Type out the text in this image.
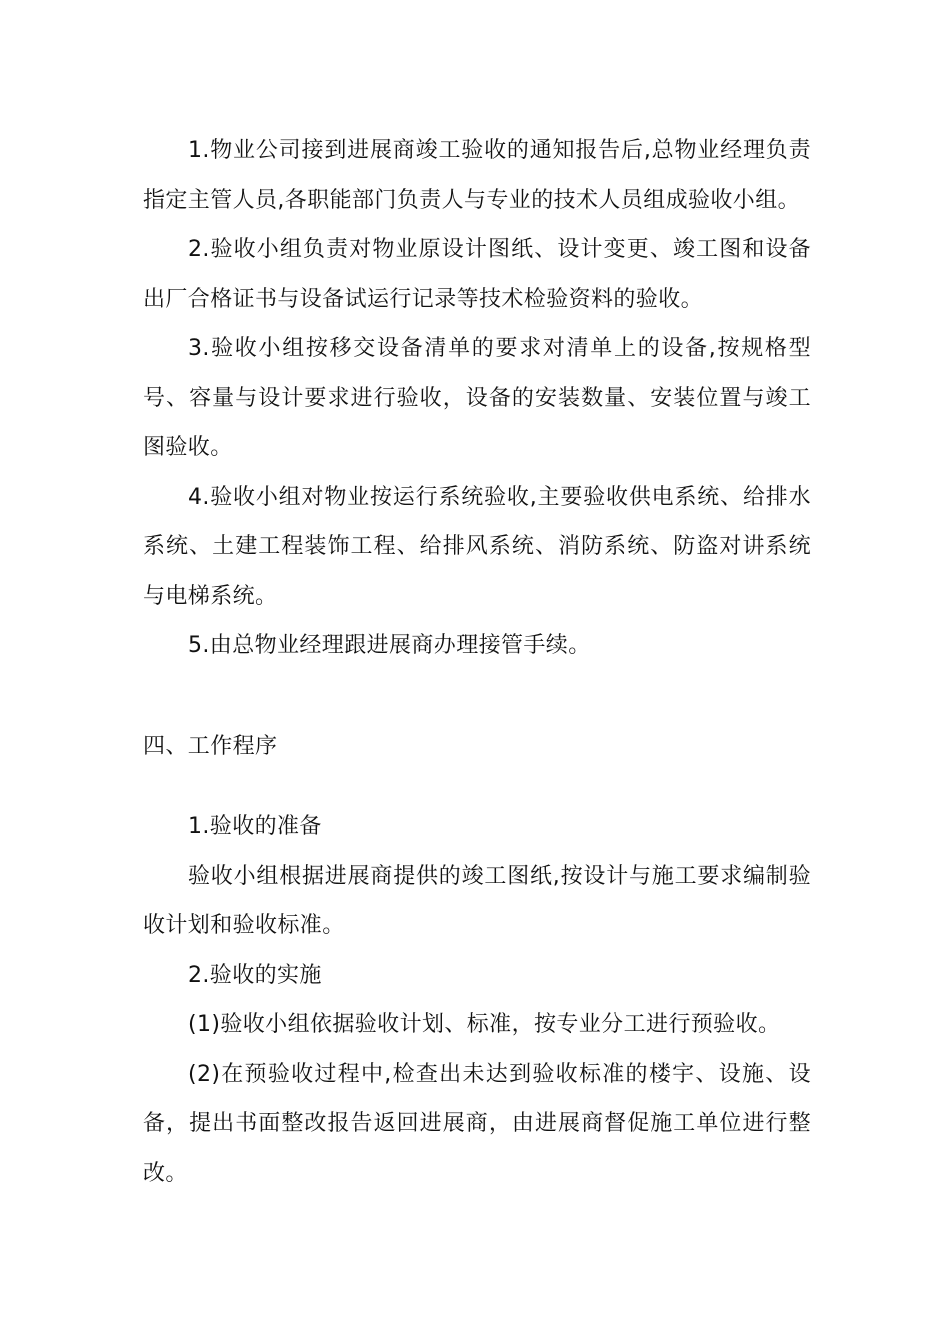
1.物业公司接到进展商竣工验收的通知报告后,总物业经理负责指定主管人员,各职能部门负责人与专业的技术人员组成验收小组。

2.验收小组负责对物业原设计图纸、设计变更、竣工图和设备出厂合格证书与设备试运行记录等技术检验资料的验收。

3.验收小组按移交设备清单的要求对清单上的设备,按规格型号、容量与设计要求进行验收，设备的安装数量、安装位置与竣工图验收。

4.验收小组对物业按运行系统验收,主要验收供电系统、给排水系统、土建工程装饰工程、给排风系统、消防系统、防盗对讲系统与电梯系统。

5.由总物业经理跟进展商办理接管手续。

四、工作程序

1.验收的准备

验收小组根据进展商提供的竣工图纸,按设计与施工要求编制验收计划和验收标准。

2.验收的实施

(1)验收小组依据验收计划、标准，按专业分工进行预验收。

(2)在预验收过程中,检查出未达到验收标准的楼宇、设施、设备，提出书面整改报告返回进展商，由进展商督促施工单位进行整改。
